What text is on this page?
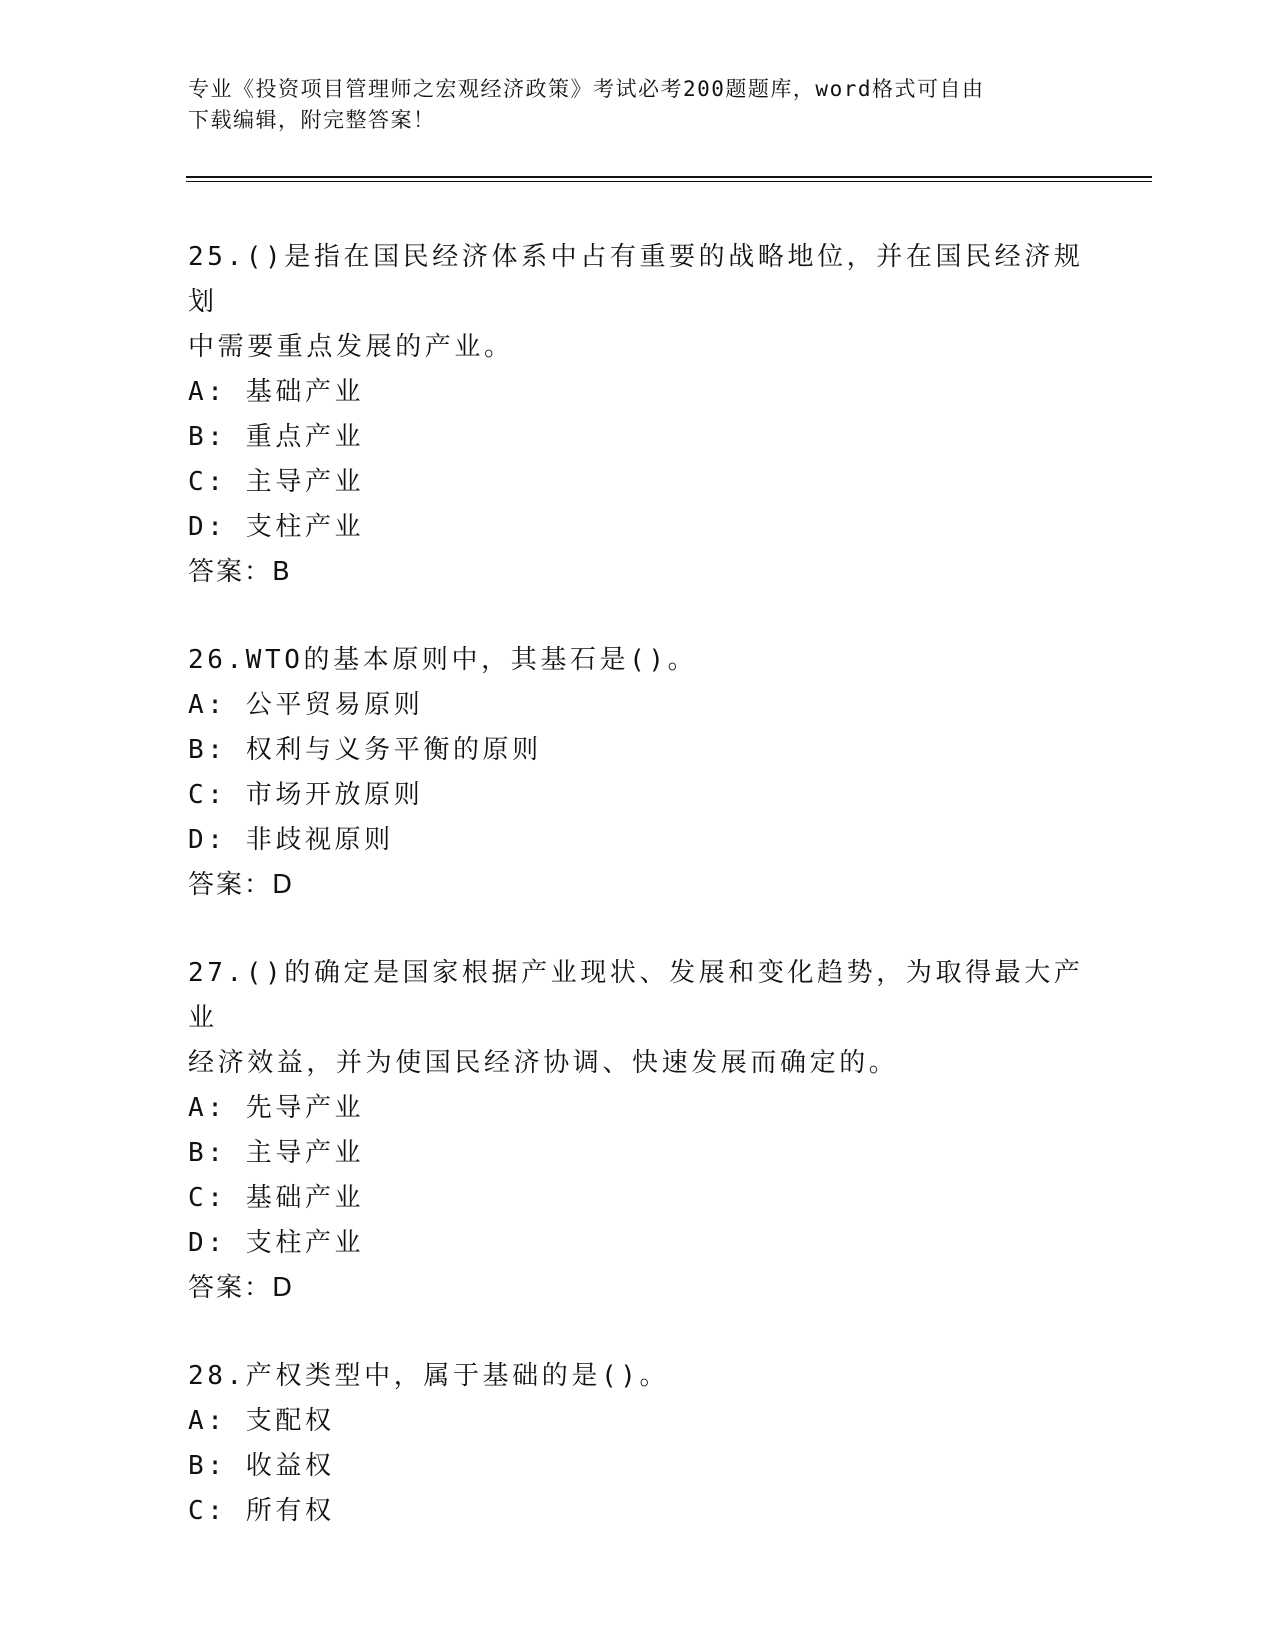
专业《投资项目管理师之宏观经济政策》考试必考200题题库，word格式可自由
下载编辑，附完整答案！
25.()是指在国民经济体系中占有重要的战略地位，并在国民经济规划
中需要重点发展的产业。
A: 基础产业
B: 重点产业
C: 主导产业
D: 支柱产业
答案：B
26.WTO的基本原则中，其基石是()。
A: 公平贸易原则
B: 权利与义务平衡的原则
C: 市场开放原则
D: 非歧视原则
答案：D
27.()的确定是国家根据产业现状、发展和变化趋势，为取得最大产业
经济效益，并为使国民经济协调、快速发展而确定的。
A: 先导产业
B: 主导产业
C: 基础产业
D: 支柱产业
答案：D
28.产权类型中，属于基础的是()。
A: 支配权
B: 收益权
C: 所有权
